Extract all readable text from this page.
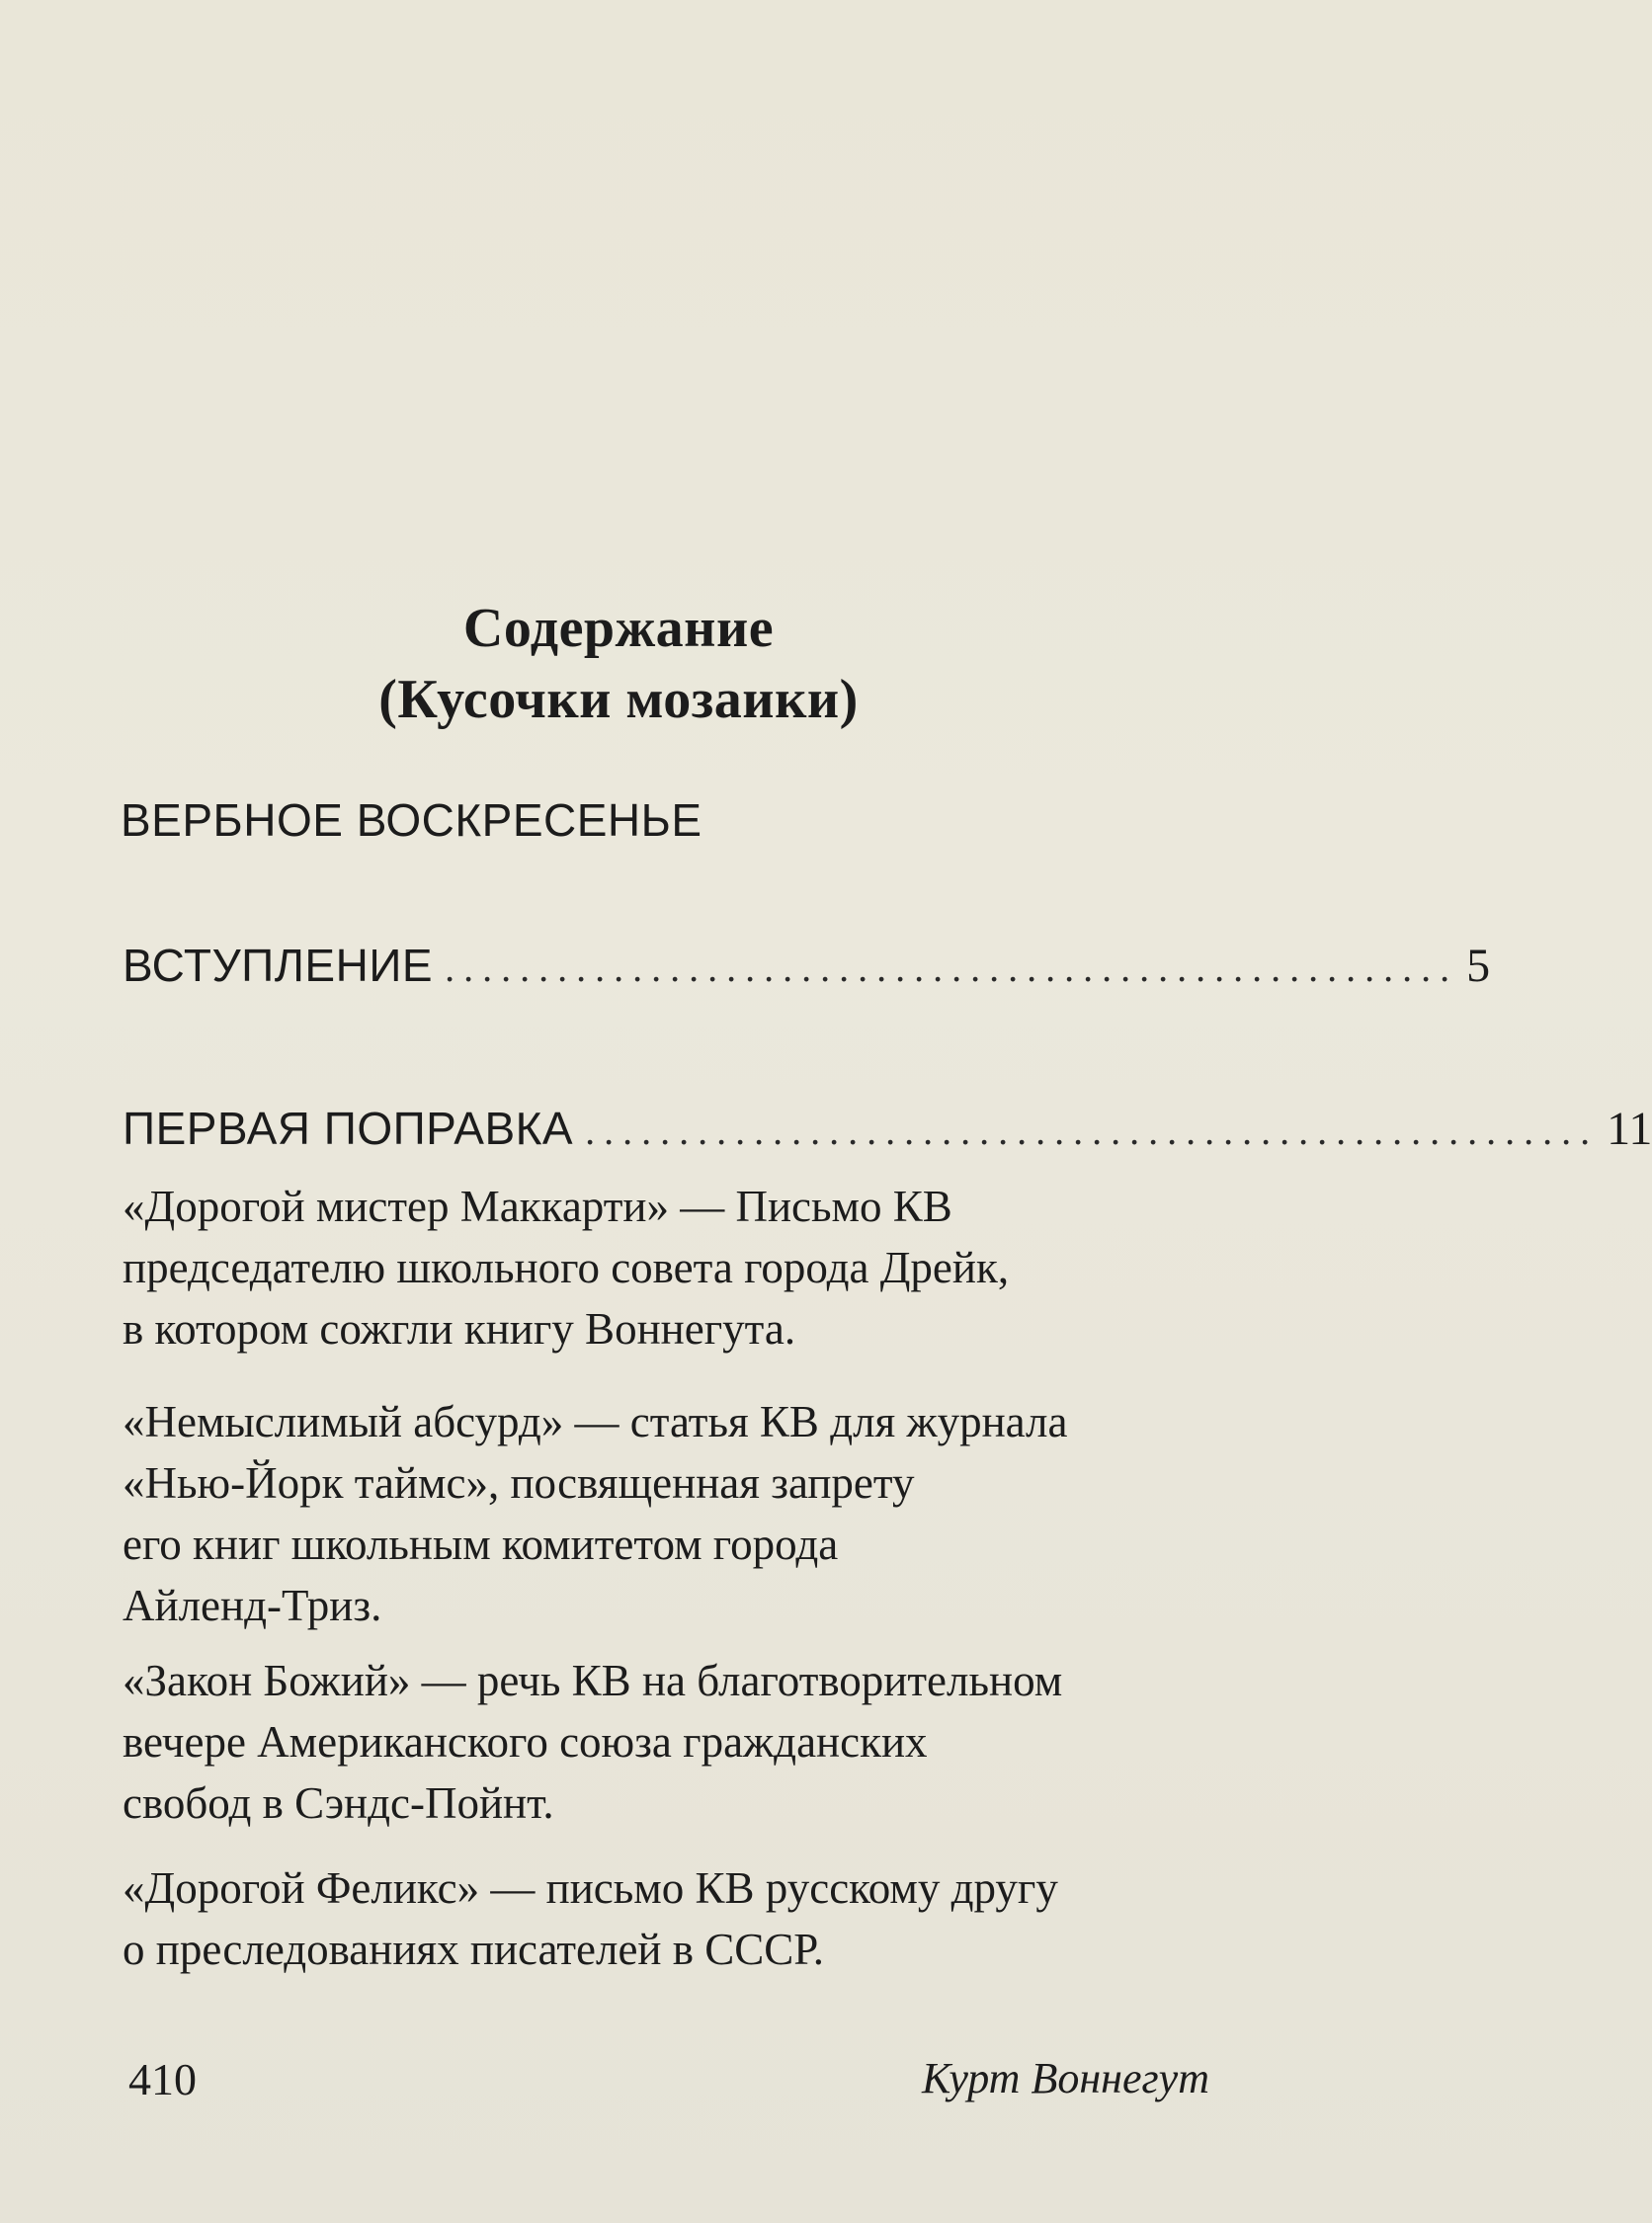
Содержание
(Кусочки мозаики)
ВЕРБНОЕ ВОСКРЕСЕНЬЕ
ВСТУПЛЕНИЕ ...................................................... 5
ПЕРВАЯ ПОПРАВКА ...................................................... 11
«Дорогой мистер Маккарти» — Письмо КВ
председателю школьного совета города Дрейк,
в котором сожгли книгу Воннегута.
«Немыслимый абсурд» — статья КВ для журнала
«Нью-Йорк таймс», посвященная запрету
его книг школьным комитетом города
Айленд-Триз.
«Закон Божий» — речь КВ на благотворительном
вечере Американского союза гражданских
свобод в Сэндс-Пойнт.
«Дорогой Феликс» — письмо КВ русскому другу
о преследованиях писателей в СССР.
410	Курт Воннегут
